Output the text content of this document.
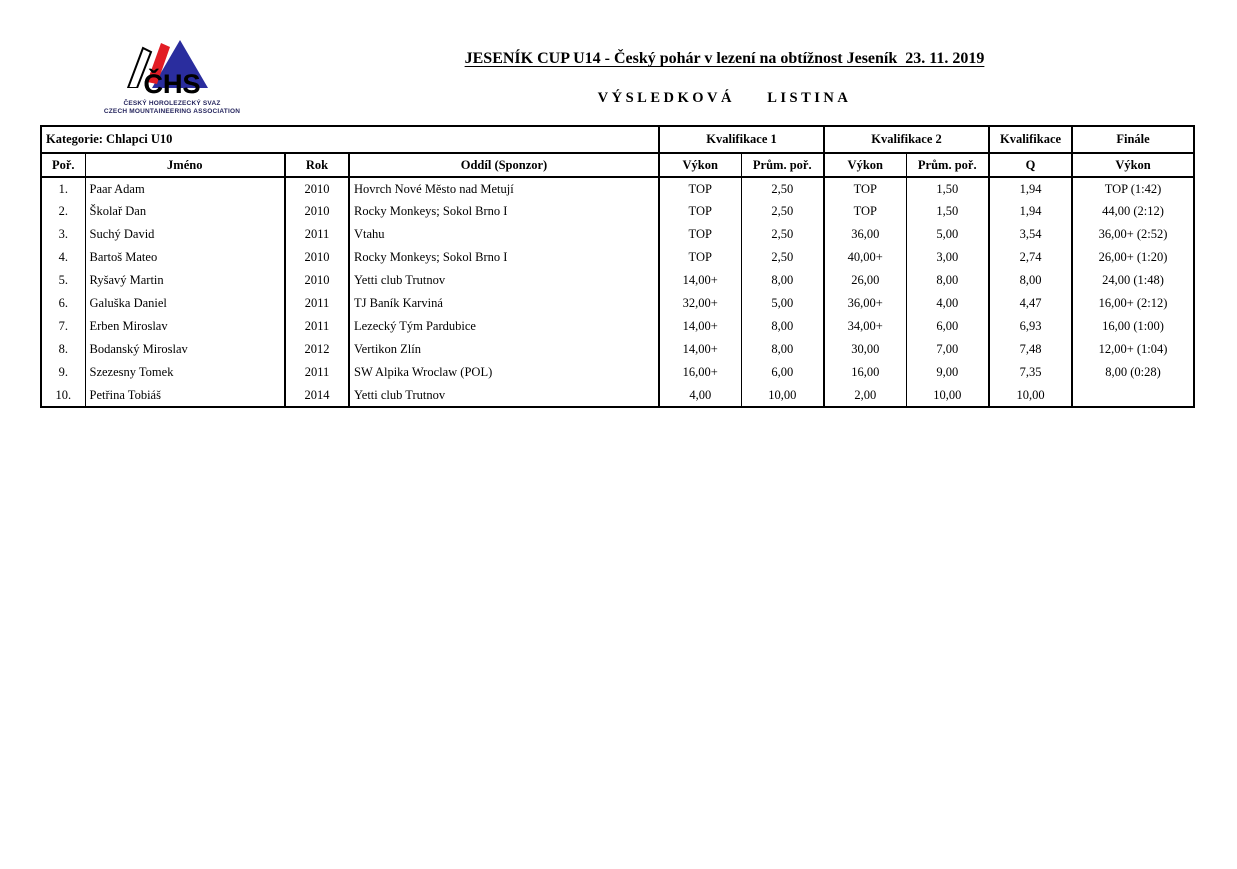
ČHS
ČESKÝ HOROLEZECKÝ SVAZ
CZECH MOUNTAINEERING ASSOCIATION
JESENÍK CUP U14 - Český pohár v lezení na obtížnost Jeseník  23. 11. 2019
VÝSLEDKOVÁ  LISTINA
Kategorie: Chlapci U10				Kvalifikace 1		Kvalifikace 2		Kvalifikace	Finále
Poř.	Jméno	Rok	Oddíl (Sponzor)	Výkon	Prům. poř.	Výkon	Prům. poř.	Q	Výkon
1.	Paar Adam	2010	Hovrch Nové Město nad Metují	TOP	2,50	TOP	1,50	1,94	TOP (1:42)
2.	Školař Dan	2010	Rocky Monkeys; Sokol Brno I	TOP	2,50	TOP	1,50	1,94	44,00 (2:12)
3.	Suchý David	2011	Vtahu	TOP	2,50	36,00	5,00	3,54	36,00+ (2:52)
4.	Bartoš Mateo	2010	Rocky Monkeys; Sokol Brno I	TOP	2,50	40,00+	3,00	2,74	26,00+ (1:20)
5.	Ryšavý Martin	2010	Yetti club Trutnov	14,00+	8,00	26,00	8,00	8,00	24,00 (1:48)
6.	Galuška Daniel	2011	TJ Baník Karviná	32,00+	5,00	36,00+	4,00	4,47	16,00+ (2:12)
7.	Erben Miroslav	2011	Lezecký Tým Pardubice	14,00+	8,00	34,00+	6,00	6,93	16,00 (1:00)
8.	Bodanský Miroslav	2012	Vertikon Zlín	14,00+	8,00	30,00	7,00	7,48	12,00+ (1:04)
9.	Szezesny Tomek	2011	SW Alpika Wroclaw (POL)	16,00+	6,00	16,00	9,00	7,35	8,00 (0:28)
10.	Petřina Tobiáš	2014	Yetti club Trutnov	4,00	10,00	2,00	10,00	10,00	
